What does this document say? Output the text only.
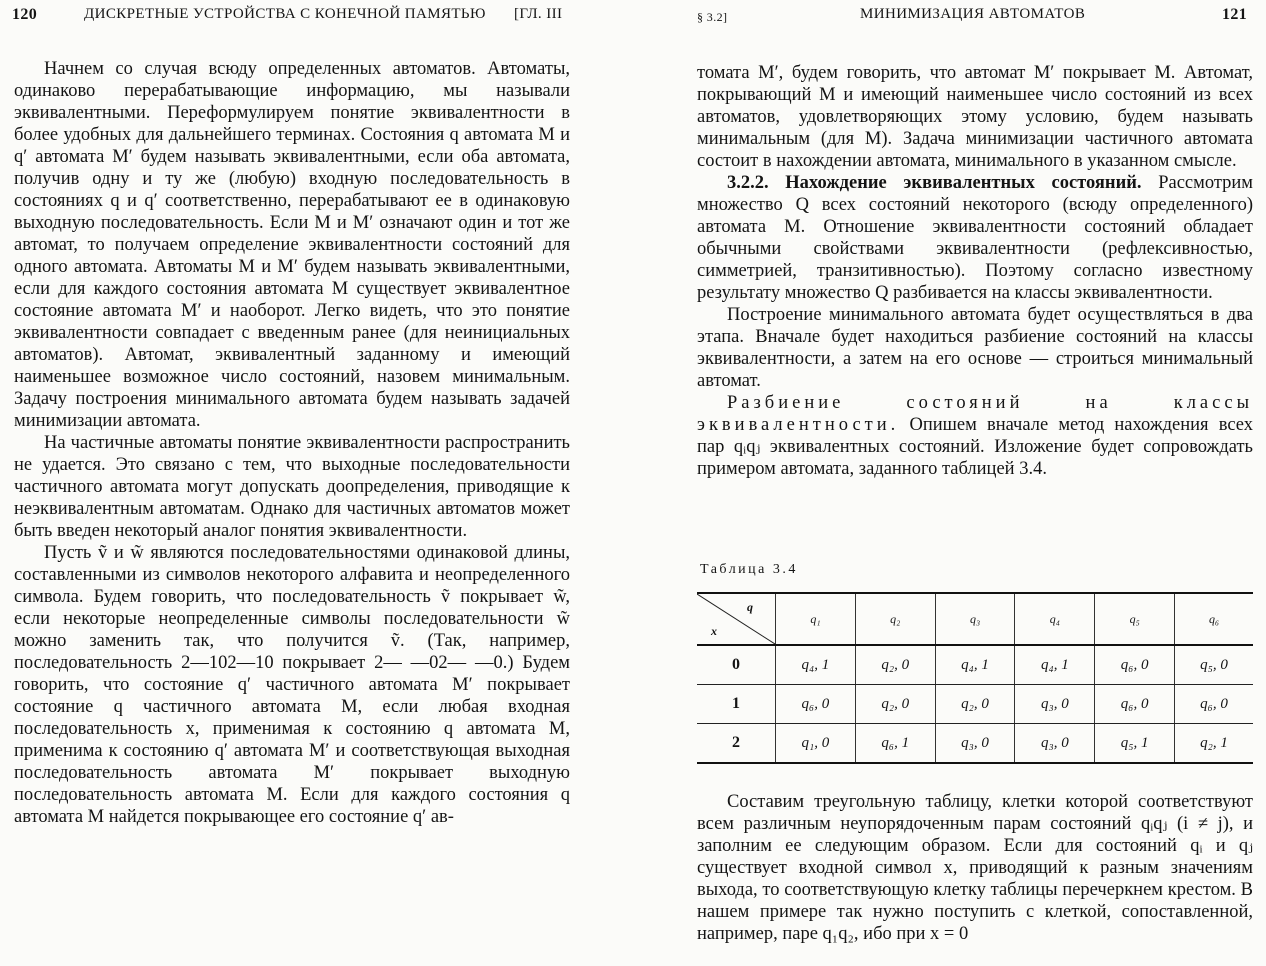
120	ДИСКРЕТНЫЕ УСТРОЙСТВА С КОНЕЧНОЙ ПАМЯТЬЮ [ГЛ. III

Начнем со случая всюду определенных автоматов. Автоматы, одинаково перерабатывающие информацию, мы называли эквивалентными. Переформулируем понятие эквивалентности в более удобных для дальнейшего терминах. Состояния q автомата M и q′ автомата M′ будем называть эквивалентными, если оба автомата, получив одну и ту же (любую) входную последовательность в состояниях q и q′ соответственно, перерабатывают ее в одинаковую выходную последовательность. Если M и M′ означают один и тот же автомат, то получаем определение эквивалентности состояний для одного автомата. Автоматы M и M′ будем называть эквивалентными, если для каждого состояния автомата M существует эквивалентное состояние автомата M′ и наоборот. Легко видеть, что это понятие эквивалентности совпадает с введенным ранее (для неинициальных автоматов). Автомат, эквивалентный заданному и имеющий наименьшее возможное число состояний, назовем минимальным. Задачу построения минимального автомата будем называть задачей минимизации автомата.

На частичные автоматы понятие эквивалентности распространить не удается. Это связано с тем, что выходные последовательности частичного автомата могут допускать доопределения, приводящие к неэквивалентным автоматам. Однако для частичных автоматов может быть введен некоторый аналог понятия эквивалентности.

Пусть ṽ и w̃ являются последовательностями одинаковой длины, составленными из символов некоторого алфавита и неопределенного символа. Будем говорить, что последовательность ṽ покрывает w̃, если некоторые неопределенные символы последовательности w̃ можно заменить так, что получится ṽ. (Так, например, последовательность 2—102—10 покрывает 2— —02— —0.) Будем говорить, что состояние q′ частичного автомата M′ покрывает состояние q частичного автомата M, если любая входная последовательность x, применимая к состоянию q автомата M, применима к состоянию q′ автомата M′ и соответствующая выходная последовательность автомата M′ покрывает выходную последовательность автомата M. Если для каждого состояния q автомата M найдется покрывающее его состояние q′ ав-

§ 3.2]	МИНИМИЗАЦИЯ АВТОМАТОВ	121

томата M′, будем говорить, что автомат M′ покрывает M. Автомат, покрывающий M и имеющий наименьшее число состояний из всех автоматов, удовлетворяющих этому условию, будем называть минимальным (для M). Задача минимизации частичного автомата состоит в нахождении автомата, минимального в указанном смысле.

3.2.2. Нахождение эквивалентных состояний. Рассмотрим множество Q всех состояний некоторого (всюду определенного) автомата M. Отношение эквивалентности состояний обладает обычными свойствами эквивалентности (рефлексивностью, симметрией, транзитивностью). Поэтому согласно известному результату множество Q разбивается на классы эквивалентности.

Построение минимального автомата будет осуществляться в два этапа. Вначале будет находиться разбиение состояний на классы эквивалентности, а затем на его основе — строиться минимальный автомат.

Разбиение состояний на классы эквивалентности. Опишем вначале метод нахождения всех пар qᵢqⱼ эквивалентных состояний. Изложение будет сопровождать примером автомата, заданного таблицей 3.4.

Таблица 3.4
q
x	q₁	q₂	q₃	q₄	q₅	q₆
0	q₄, 1	q₂, 0	q₄, 1	q₄, 1	q₆, 0	q₅, 0
1	q₆, 0	q₂, 0	q₂, 0	q₃, 0	q₆, 0	q₆, 0
2	q₁, 0	q₆, 1	q₃, 0	q₃, 0	q₅, 1	q₂, 1

Составим треугольную таблицу, клетки которой соответствуют всем различным неупорядоченным парам состояний qᵢqⱼ (i ≠ j), и заполним ее следующим образом. Если для состояний qᵢ и qⱼ существует входной символ x, приводящий к разным значениям выхода, то соответствующую клетку таблицы перечеркнем крестом. В нашем примере так нужно поступить с клеткой, сопоставленной, например, паре q₁q₂, ибо при x = 0
